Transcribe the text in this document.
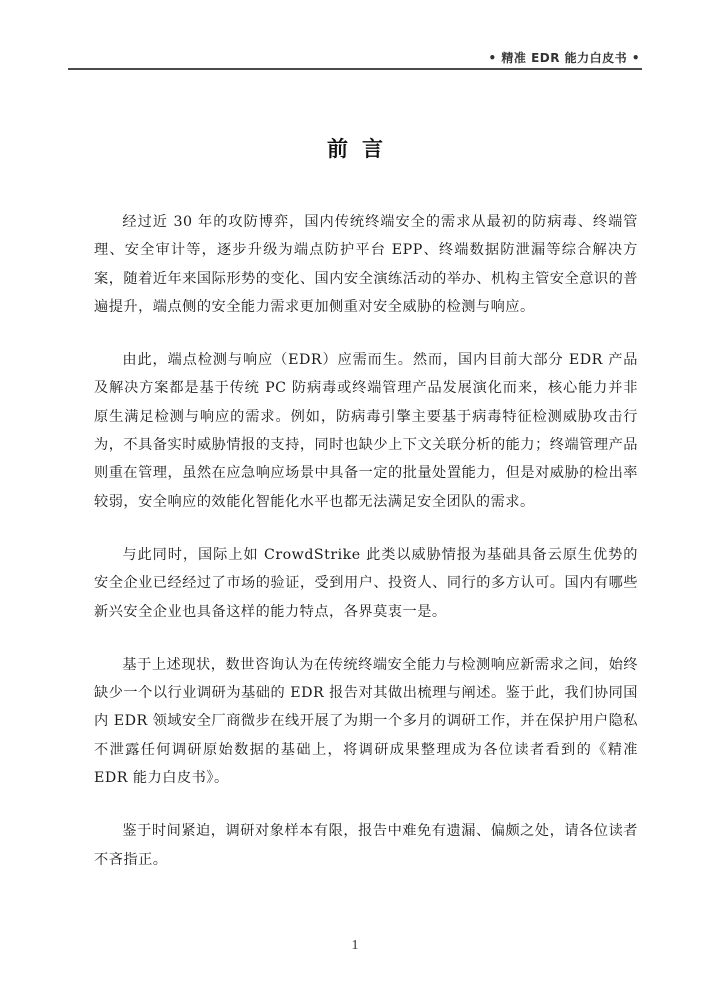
• 精准 EDR 能力白皮书 •
前言

经过近 30 年的攻防博弈，国内传统终端安全的需求从最初的防病毒、终端管理、安全审计等，逐步升级为端点防护平台 EPP、终端数据防泄漏等综合解决方案，随着近年来国际形势的变化、国内安全演练活动的举办、机构主管安全意识的普遍提升，端点侧的安全能力需求更加侧重对安全威胁的检测与响应。

由此，端点检测与响应（EDR）应需而生。然而，国内目前大部分 EDR 产品及解决方案都是基于传统 PC 防病毒或终端管理产品发展演化而来，核心能力并非原生满足检测与响应的需求。例如，防病毒引擎主要基于病毒特征检测威胁攻击行为，不具备实时威胁情报的支持，同时也缺少上下文关联分析的能力；终端管理产品则重在管理，虽然在应急响应场景中具备一定的批量处置能力，但是对威胁的检出率较弱，安全响应的效能化智能化水平也都无法满足安全团队的需求。

与此同时，国际上如 CrowdStrike 此类以威胁情报为基础具备云原生优势的安全企业已经经过了市场的验证，受到用户、投资人、同行的多方认可。国内有哪些新兴安全企业也具备这样的能力特点，各界莫衷一是。

基于上述现状，数世咨询认为在传统终端安全能力与检测响应新需求之间，始终缺少一个以行业调研为基础的 EDR 报告对其做出梳理与阐述。鉴于此，我们协同国内 EDR 领域安全厂商微步在线开展了为期一个多月的调研工作，并在保护用户隐私不泄露任何调研原始数据的基础上，将调研成果整理成为各位读者看到的《精准 EDR 能力白皮书》。

鉴于时间紧迫，调研对象样本有限，报告中难免有遗漏、偏颇之处，请各位读者不吝指正。

1
